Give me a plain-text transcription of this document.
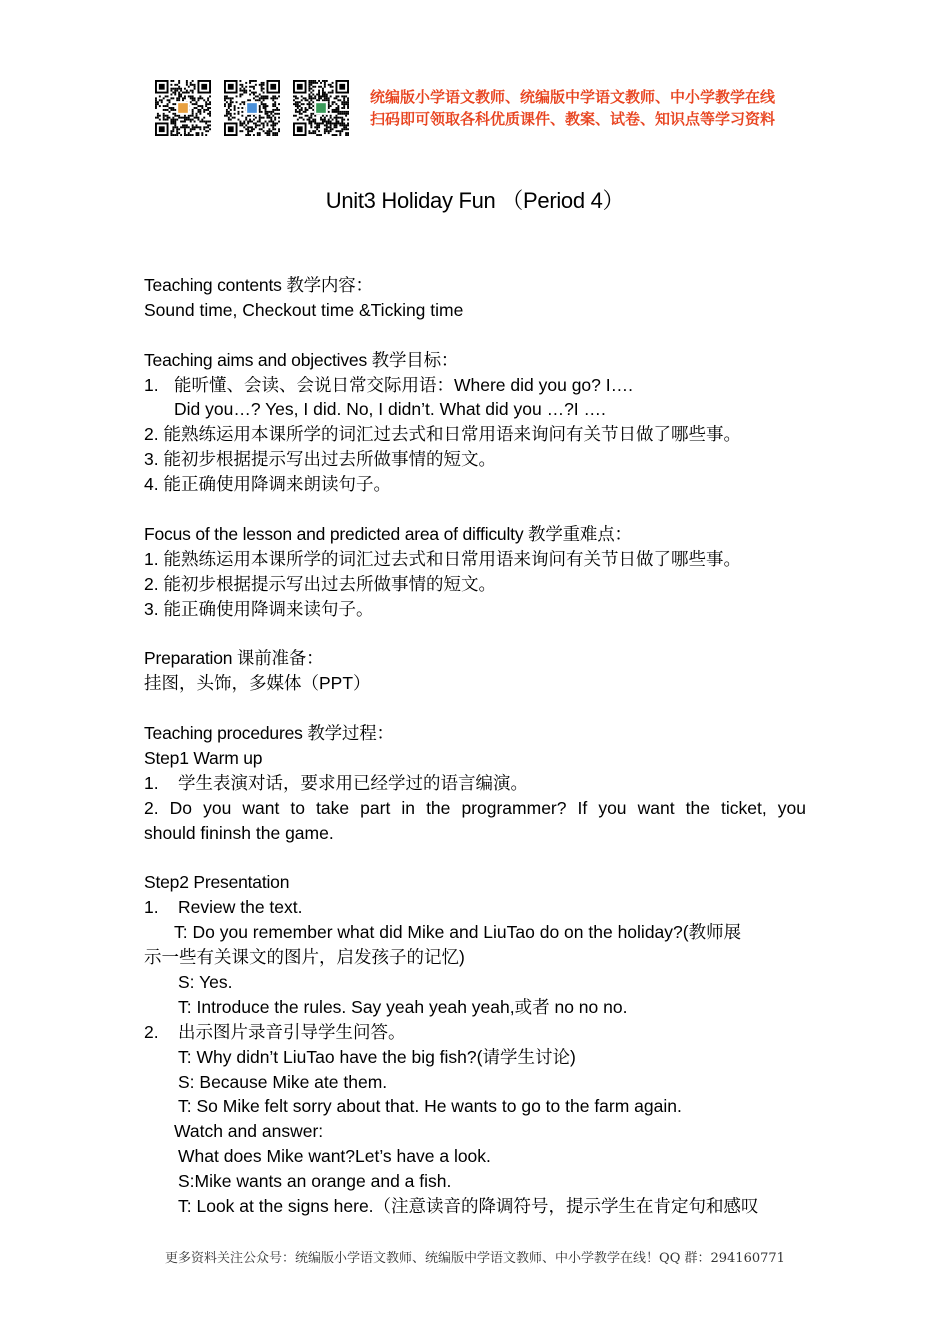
统编版小学语文教师、统编版中学语文教师、中小学教学在线
扫码即可领取各科优质课件、教案、试卷、知识点等学习资料
Unit3 Holiday Fun （Period 4）
Teaching contents 教学内容：
Sound time, Checkout time &Ticking time
Teaching aims and objectives 教学目标：
1. 能听懂、会读、会说日常交际用语：Where did you go? I….
Did you…? Yes, I did. No, I didn’t. What did you …?I ….
2. 能熟练运用本课所学的词汇过去式和日常用语来询问有关节日做了哪些事。
3. 能初步根据提示写出过去所做事情的短文。
4. 能正确使用降调来朗读句子。
Focus of the lesson and predicted area of difficulty 教学重难点：
1. 能熟练运用本课所学的词汇过去式和日常用语来询问有关节日做了哪些事。
2. 能初步根据提示写出过去所做事情的短文。
3. 能正确使用降调来读句子。
Preparation 课前准备：
挂图，头饰，多媒体（PPT）
Teaching procedures 教学过程：
Step1 Warm up
1. 学生表演对话，要求用已经学过的语言编演。
2. Do you want to take part in the programmer? If you want the ticket, you
should fininsh the game.
Step2 Presentation
1. Review the text.
T: Do you remember what did Mike and LiuTao do on the holiday?(教师展
示一些有关课文的图片，启发孩子的记忆)
S: Yes.
T: Introduce the rules. Say yeah yeah yeah,或者 no no no.
2. 出示图片录音引导学生问答。
T: Why didn’t LiuTao have the big fish?(请学生讨论)
S: Because Mike ate them.
T: So Mike felt sorry about that. He wants to go to the farm again.
Watch and answer:
What does Mike want?Let’s have a look.
S:Mike wants an orange and a fish.
T: Look at the signs here.（注意读音的降调符号，提示学生在肯定句和感叹
更多资料关注公众号：统编版小学语文教师、统编版中学语文教师、中小学教学在线！QQ 群：294160771
